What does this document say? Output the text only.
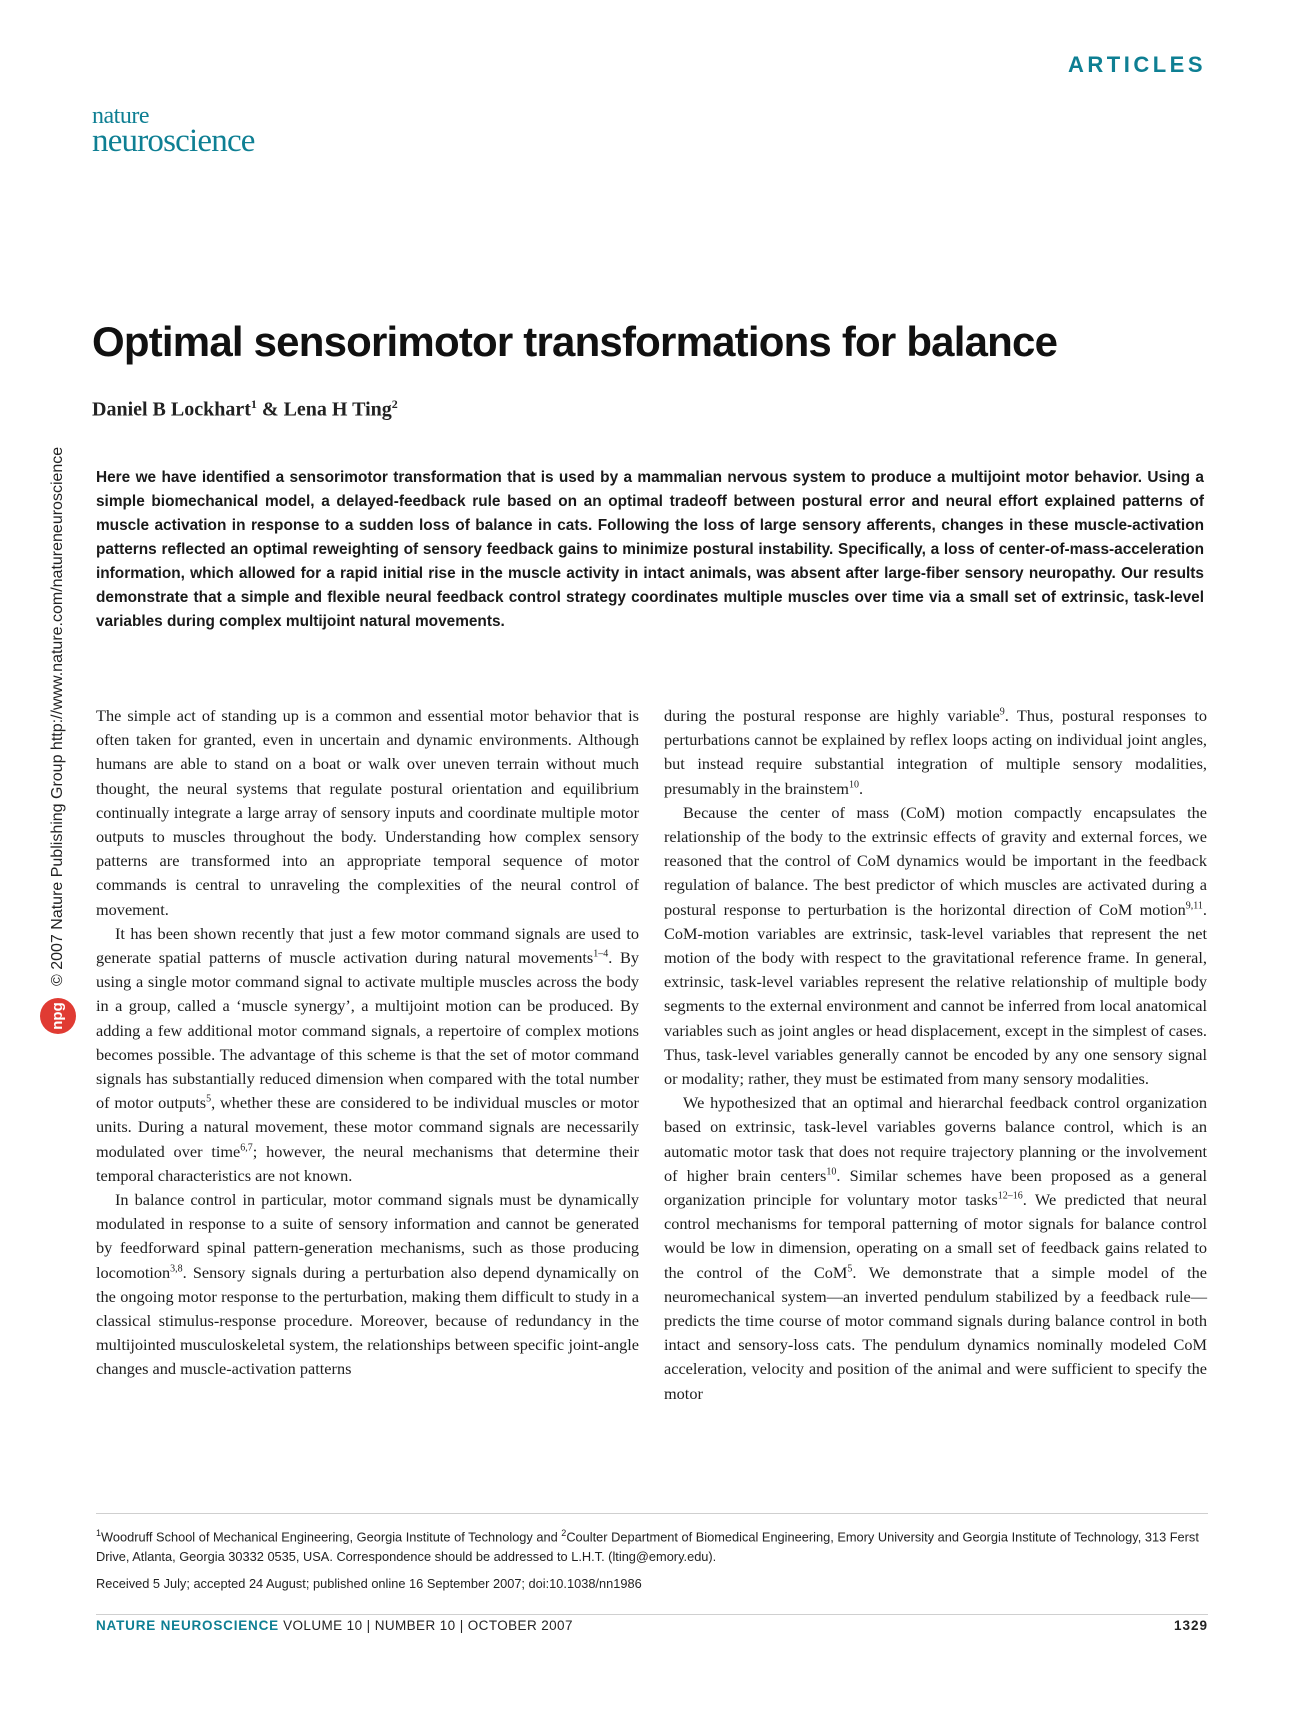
ARTICLES
nature
neuroscience
npg
© 2007 Nature Publishing Group http://www.nature.com/natureneuroscience
Optimal sensorimotor transformations for balance
Daniel B Lockhart$^1$ & Lena H Ting$^2$

Here we have identified a sensorimotor transformation that is used by a mammalian nervous system to produce a multijoint motor behavior. Using a simple biomechanical model, a delayed-feedback rule based on an optimal tradeoff between postural error and neural effort explained patterns of muscle activation in response to a sudden loss of balance in cats. Following the loss of large sensory afferents, changes in these muscle-activation patterns reflected an optimal reweighting of sensory feedback gains to minimize postural instability. Specifically, a loss of center-of-mass-acceleration information, which allowed for a rapid initial rise in the muscle activity in intact animals, was absent after large-fiber sensory neuropathy. Our results demonstrate that a simple and flexible neural feedback control strategy coordinates multiple muscles over time via a small set of extrinsic, task-level variables during complex multijoint natural movements.

The simple act of standing up is a common and essential motor behavior that is often taken for granted, even in uncertain and dynamic environments. Although humans are able to stand on a boat or walk over uneven terrain without much thought, the neural systems that regulate postural orientation and equilibrium continually integrate a large array of sensory inputs and coordinate multiple motor outputs to muscles throughout the body. Understanding how complex sensory patterns are transformed into an appropriate temporal sequence of motor commands is central to unraveling the complexities of the neural control of movement.

It has been shown recently that just a few motor command signals are used to generate spatial patterns of muscle activation during natural movements$^{1-4}$. By using a single motor command signal to activate multiple muscles across the body in a group, called a ‘muscle synergy’, a multijoint motion can be produced. By adding a few additional motor command signals, a repertoire of complex motions becomes possible. The advantage of this scheme is that the set of motor command signals has substantially reduced dimension when compared with the total number of motor outputs$^5$, whether these are considered to be individual muscles or motor units. During a natural movement, these motor command signals are necessarily modulated over time$^{6,7}$; however, the neural mechanisms that determine their temporal characteristics are not known.

In balance control in particular, motor command signals must be dynamically modulated in response to a suite of sensory information and cannot be generated by feedforward spinal pattern-generation mechanisms, such as those producing locomotion$^{3,8}$. Sensory signals during a perturbation also depend dynamically on the ongoing motor response to the perturbation, making them difficult to study in a classical stimulus-response procedure. Moreover, because of redundancy in the multijointed musculoskeletal system, the relationships between specific joint-angle changes and muscle-activation patterns

during the postural response are highly variable$^9$. Thus, postural responses to perturbations cannot be explained by reflex loops acting on individual joint angles, but instead require substantial integration of multiple sensory modalities, presumably in the brainstem$^{10}$.

Because the center of mass (CoM) motion compactly encapsulates the relationship of the body to the extrinsic effects of gravity and external forces, we reasoned that the control of CoM dynamics would be important in the feedback regulation of balance. The best predictor of which muscles are activated during a postural response to perturbation is the horizontal direction of CoM motion$^{9,11}$. CoM-motion variables are extrinsic, task-level variables that represent the net motion of the body with respect to the gravitational reference frame. In general, extrinsic, task-level variables represent the relative relationship of multiple body segments to the external environment and cannot be inferred from local anatomical variables such as joint angles or head displacement, except in the simplest of cases. Thus, task-level variables generally cannot be encoded by any one sensory signal or modality; rather, they must be estimated from many sensory modalities.

We hypothesized that an optimal and hierarchal feedback control organization based on extrinsic, task-level variables governs balance control, which is an automatic motor task that does not require trajectory planning or the involvement of higher brain centers$^{10}$. Similar schemes have been proposed as a general organization principle for voluntary motor tasks$^{12-16}$. We predicted that neural control mechanisms for temporal patterning of motor signals for balance control would be low in dimension, operating on a small set of feedback gains related to the control of the CoM$^5$. We demonstrate that a simple model of the neuromechanical system—an inverted pendulum stabilized by a feedback rule—predicts the time course of motor command signals during balance control in both intact and sensory-loss cats. The pendulum dynamics nominally modeled CoM acceleration, velocity and position of the animal and were sufficient to specify the motor

$^1$Woodruff School of Mechanical Engineering, Georgia Institute of Technology and $^2$Coulter Department of Biomedical Engineering, Emory University and Georgia Institute of Technology, 313 Ferst Drive, Atlanta, Georgia 30332 0535, USA. Correspondence should be addressed to L.H.T. (lting@emory.edu).

Received 5 July; accepted 24 August; published online 16 September 2007; doi:10.1038/nn1986
NATURE NEUROSCIENCE VOLUME 10 | NUMBER 10 | OCTOBER 2007	1329
